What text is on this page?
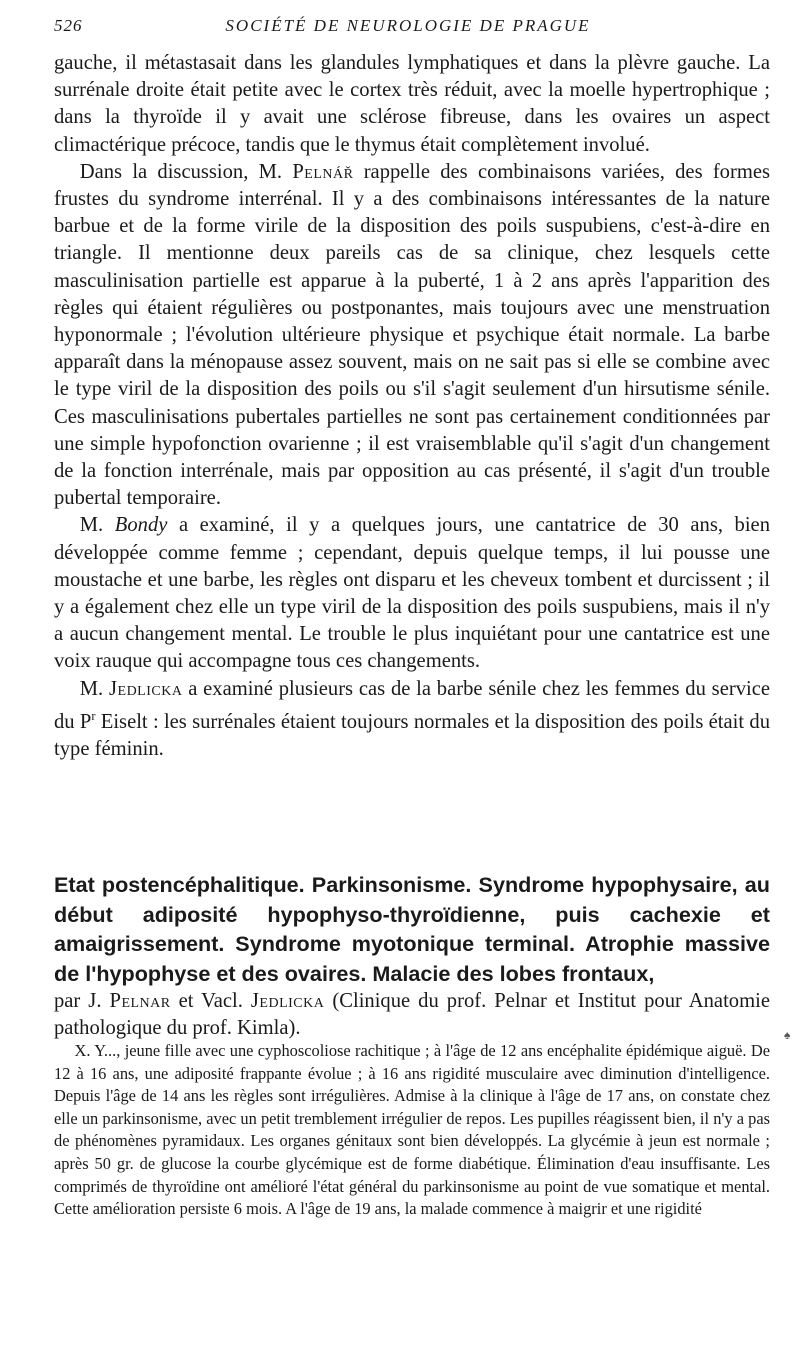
526	SOCIÉTÉ DE NEUROLOGIE DE PRAGUE

gauche, il métastasait dans les glandules lymphatiques et dans la plèvre gauche. La surrénale droite était petite avec le cortex très réduit, avec la moelle hypertrophique ; dans la thyroïde il y avait une sclérose fibreuse, dans les ovaires un aspect climactérique précoce, tandis que le thymus était complètement involué.

Dans la discussion, M. Pelnář rappelle des combinaisons variées, des formes frustes du syndrome interrénal. Il y a des combinaisons intéressantes de la nature barbue et de la forme virile de la disposition des poils suspubiens, c'est-à-dire en triangle. Il mentionne deux pareils cas de sa clinique, chez lesquels cette masculinisation partielle est apparue à la puberté, 1 à 2 ans après l'apparition des règles qui étaient régulières ou postponantes, mais toujours avec une menstruation hyponormale ; l'évolution ultérieure physique et psychique était normale. La barbe apparaît dans la ménopause assez souvent, mais on ne sait pas si elle se combine avec le type viril de la disposition des poils ou s'il s'agit seulement d'un hirsutisme sénile. Ces masculinisations pubertales partielles ne sont pas certainement conditionnées par une simple hypofonction ovarienne ; il est vraisemblable qu'il s'agit d'un changement de la fonction interrénale, mais par opposition au cas présenté, il s'agit d'un trouble pubertal temporaire.

M. Bondy a examiné, il y a quelques jours, une cantatrice de 30 ans, bien développée comme femme ; cependant, depuis quelque temps, il lui pousse une moustache et une barbe, les règles ont disparu et les cheveux tombent et durcissent ; il y a également chez elle un type viril de la disposition des poils suspubiens, mais il n'y a aucun changement mental. Le trouble le plus inquiétant pour une cantatrice est une voix rauque qui accompagne tous ces changements.

M. Jedlicka a examiné plusieurs cas de la barbe sénile chez les femmes du service du $P^r$ Eiselt : les surrénales étaient toujours normales et la disposition des poils était du type féminin.

Etat postencéphalitique. Parkinsonisme. Syndrome hypophysaire, au début adiposité hypophyso-thyroïdienne, puis cachexie et amaigrissement. Syndrome myotonique terminal. Atrophie massive de l'hypophyse et des ovaires. Malacie des lobes frontaux,
par J. Pelnar et Vacl. Jedlicka (Clinique du prof. Pelnar et Institut pour Anatomie pathologique du prof. Kimla).	♠

X. Y..., jeune fille avec une cyphoscoliose rachitique ; à l'âge de 12 ans encéphalite épidémique aiguë. De 12 à 16 ans, une adiposité frappante évolue ; à 16 ans rigidité musculaire avec diminution d'intelligence. Depuis l'âge de 14 ans les règles sont irrégulières. Admise à la clinique à l'âge de 17 ans, on constate chez elle un parkinsonisme, avec un petit tremblement irrégulier de repos. Les pupilles réagissent bien, il n'y a pas de phénomènes pyramidaux. Les organes génitaux sont bien développés. La glycémie à jeun est normale ; après 50 gr. de glucose la courbe glycémique est de forme diabétique. Élimination d'eau insuffisante. Les comprimés de thyroïdine ont amélioré l'état général du parkinsonisme au point de vue somatique et mental. Cette amélioration persiste 6 mois. A l'âge de 19 ans, la malade commence à maigrir et une rigidité
